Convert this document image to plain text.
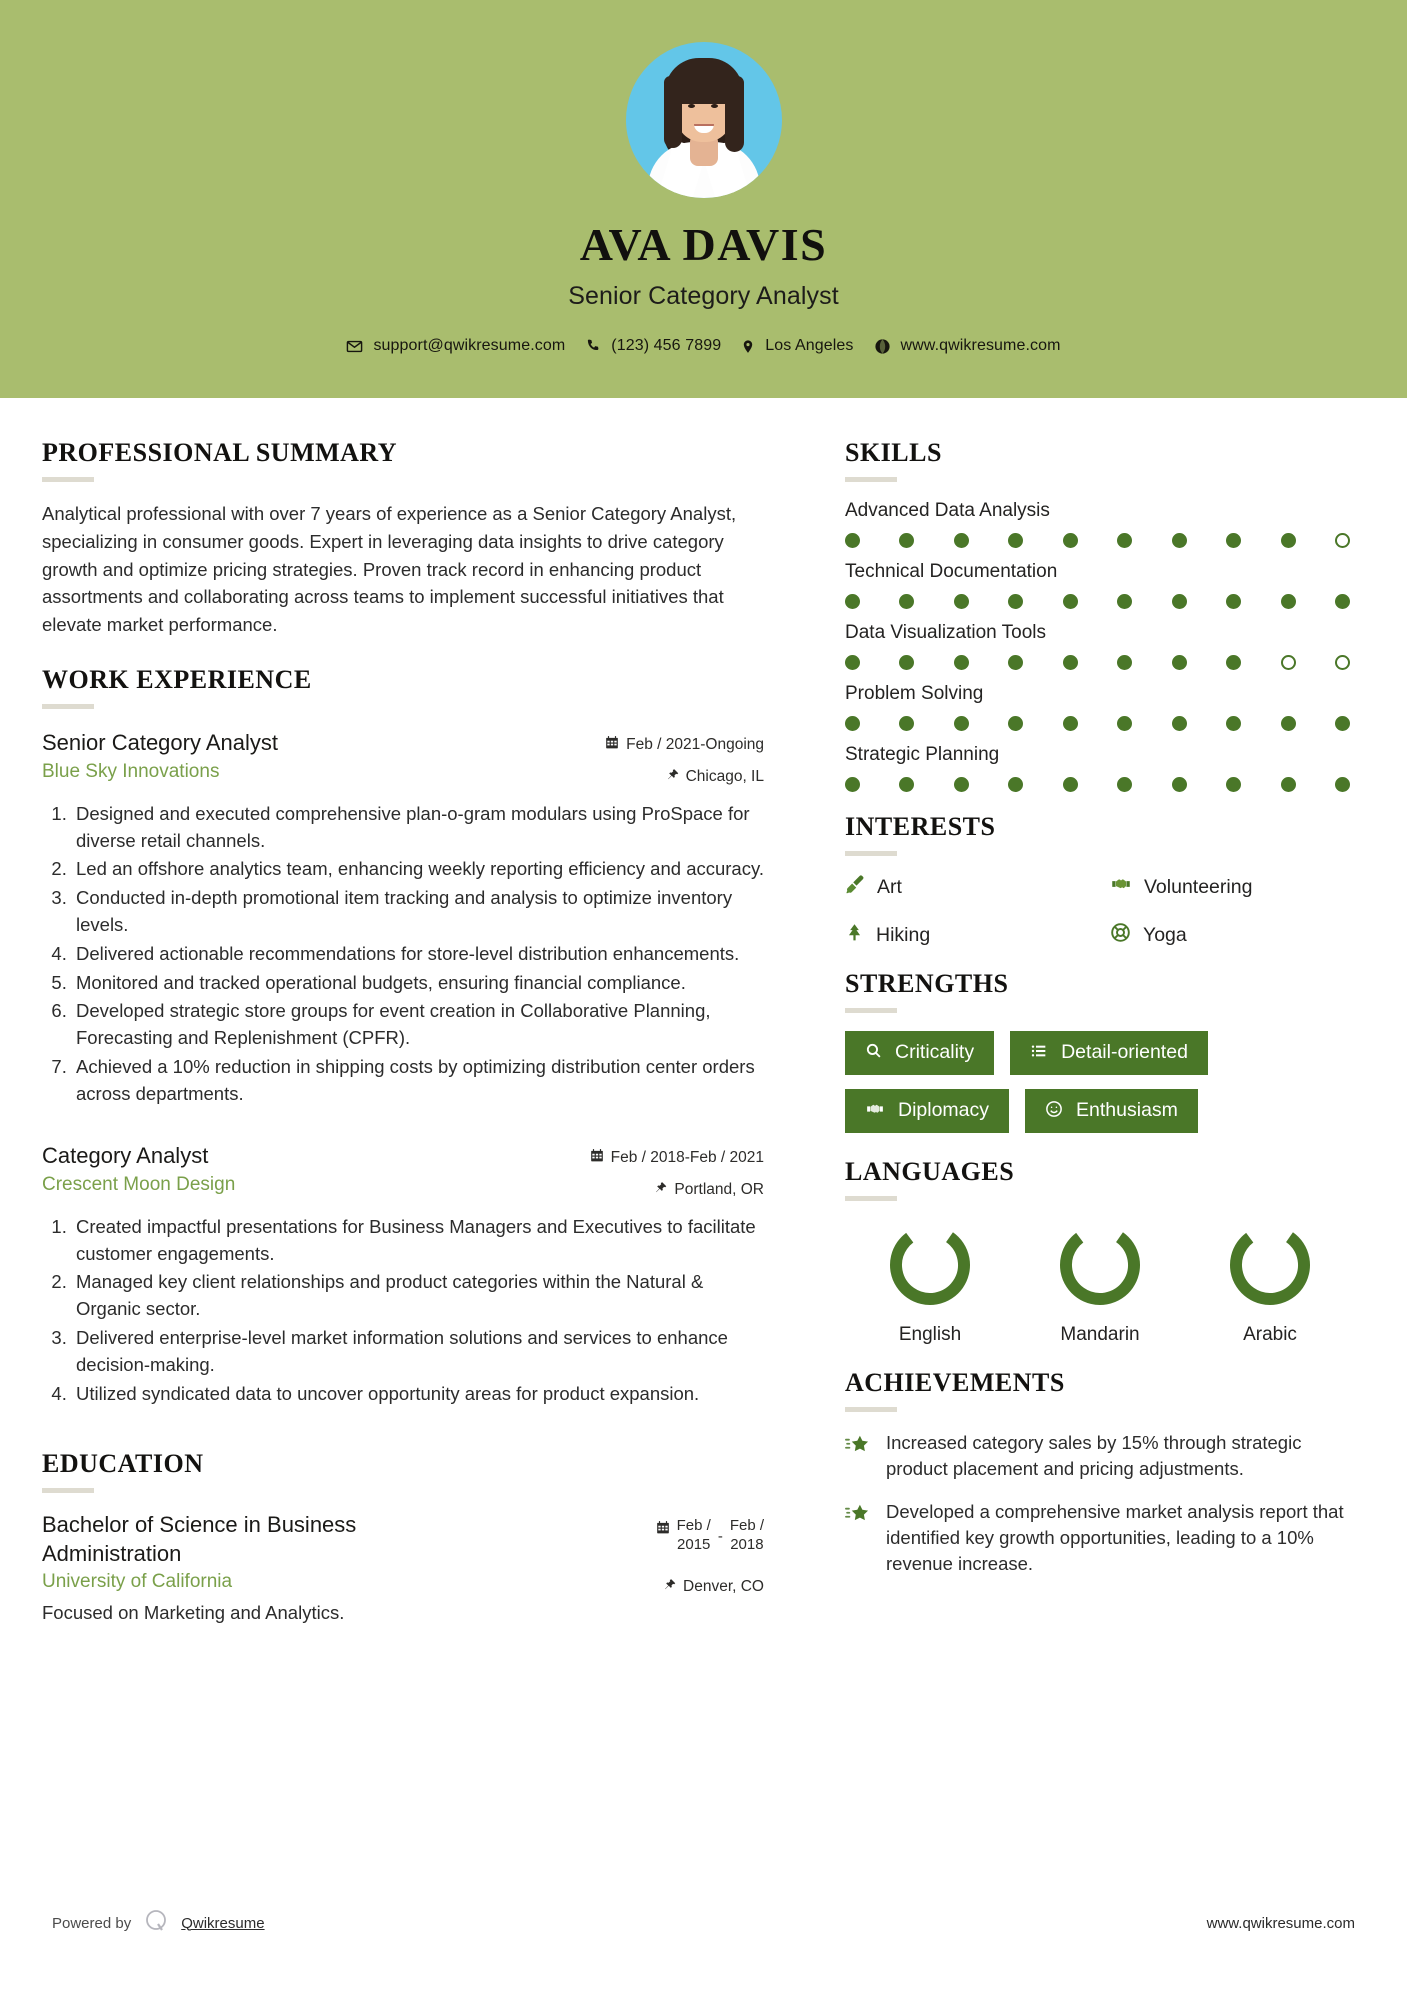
AVA DAVIS
Senior Category Analyst
support@qwikresume.com	(123) 456 7899	Los Angeles	www.qwikresume.com
PROFESSIONAL SUMMARY
Analytical professional with over 7 years of experience as a Senior Category Analyst, specializing in consumer goods. Expert in leveraging data insights to drive category growth and optimize pricing strategies. Proven track record in enhancing product assortments and collaborating across teams to implement successful initiatives that elevate market performance.
WORK EXPERIENCE
Senior Category Analyst
Blue Sky Innovations
Feb / 2021-Ongoing
Chicago, IL
1. Designed and executed comprehensive plan-o-gram modulars using ProSpace for diverse retail channels.
2. Led an offshore analytics team, enhancing weekly reporting efficiency and accuracy.
3. Conducted in-depth promotional item tracking and analysis to optimize inventory levels.
4. Delivered actionable recommendations for store-level distribution enhancements.
5. Monitored and tracked operational budgets, ensuring financial compliance.
6. Developed strategic store groups for event creation in Collaborative Planning, Forecasting and Replenishment (CPFR).
7. Achieved a 10% reduction in shipping costs by optimizing distribution center orders across departments.
Category Analyst
Crescent Moon Design
Feb / 2018-Feb / 2021
Portland, OR
1. Created impactful presentations for Business Managers and Executives to facilitate customer engagements.
2. Managed key client relationships and product categories within the Natural & Organic sector.
3. Delivered enterprise-level market information solutions and services to enhance decision-making.
4. Utilized syndicated data to uncover opportunity areas for product expansion.
EDUCATION
Bachelor of Science in Business Administration
Feb /
2015 -
Feb /
2018
Denver, CO
University of California
Focused on Marketing and Analytics.
SKILLS
Advanced Data Analysis
Technical Documentation
Data Visualization Tools
Problem Solving
Strategic Planning
INTERESTS
Art	Volunteering
Hiking	Yoga
STRENGTHS
Criticality	Detail-oriented
Diplomacy	Enthusiasm
LANGUAGES
English	Mandarin	Arabic
ACHIEVEMENTS
Increased category sales by 15% through strategic product placement and pricing adjustments.
Developed a comprehensive market analysis report that identified key growth opportunities, leading to a 10% revenue increase.
Powered by	Qwikresume	www.qwikresume.com
